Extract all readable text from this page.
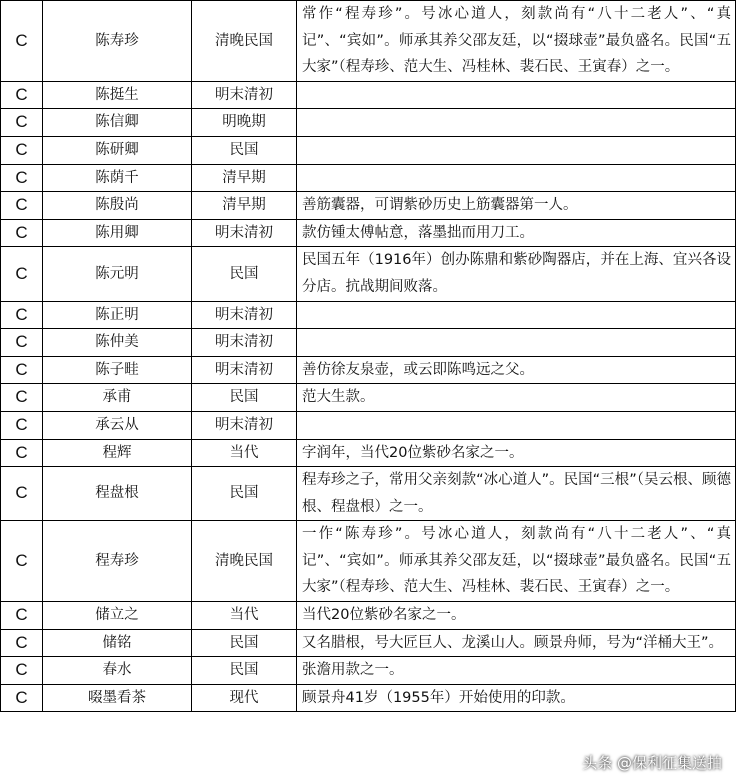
C	陈寿珍	清晚民国	常作“程寿珍”。号冰心道人，刻款尚有“八十二老人”、“真记”、“宾如”。师承其养父邵友廷，以“掇球壶”最负盛名。民国“五大家”（程寿珍、范大生、冯桂林、裴石民、王寅春）之一。
C	陈挺生	明末清初	
C	陈信卿	明晚期	
C	陈研卿	民国	
C	陈荫千	清早期	
C	陈殷尚	清早期	善筋囊器，可谓紫砂历史上筋囊器第一人。
C	陈用卿	明末清初	款仿锺太傅帖意，落墨拙而用刀工。
C	陈元明	民国	民国五年（1916年）创办陈鼎和紫砂陶器店，并在上海、宜兴各设分店。抗战期间败落。
C	陈正明	明末清初	
C	陈仲美	明末清初	
C	陈子畦	明末清初	善仿徐友泉壶，或云即陈鸣远之父。
C	承甫	民国	范大生款。
C	承云从	明末清初	
C	程辉	当代	字润年，当代20位紫砂名家之一。
C	程盘根	民国	程寿珍之子，常用父亲刻款“冰心道人”。民国“三根”（吴云根、顾德根、程盘根）之一。
C	程寿珍	清晚民国	一作“陈寿珍”。号冰心道人，刻款尚有“八十二老人”、“真记”、“宾如”。师承其养父邵友廷，以“掇球壶”最负盛名。民国“五大家”（程寿珍、范大生、冯桂林、裴石民、王寅春）之一。
C	储立之	当代	当代20位紫砂名家之一。
C	储铭	民国	又名腊根，号大匠巨人、龙溪山人。顾景舟师，号为“洋桶大王”。
C	春水	民国	张澹用款之一。
C	啜墨看茶	现代	顾景舟41岁（1955年）开始使用的印款。
头条 @保利征集送拍
